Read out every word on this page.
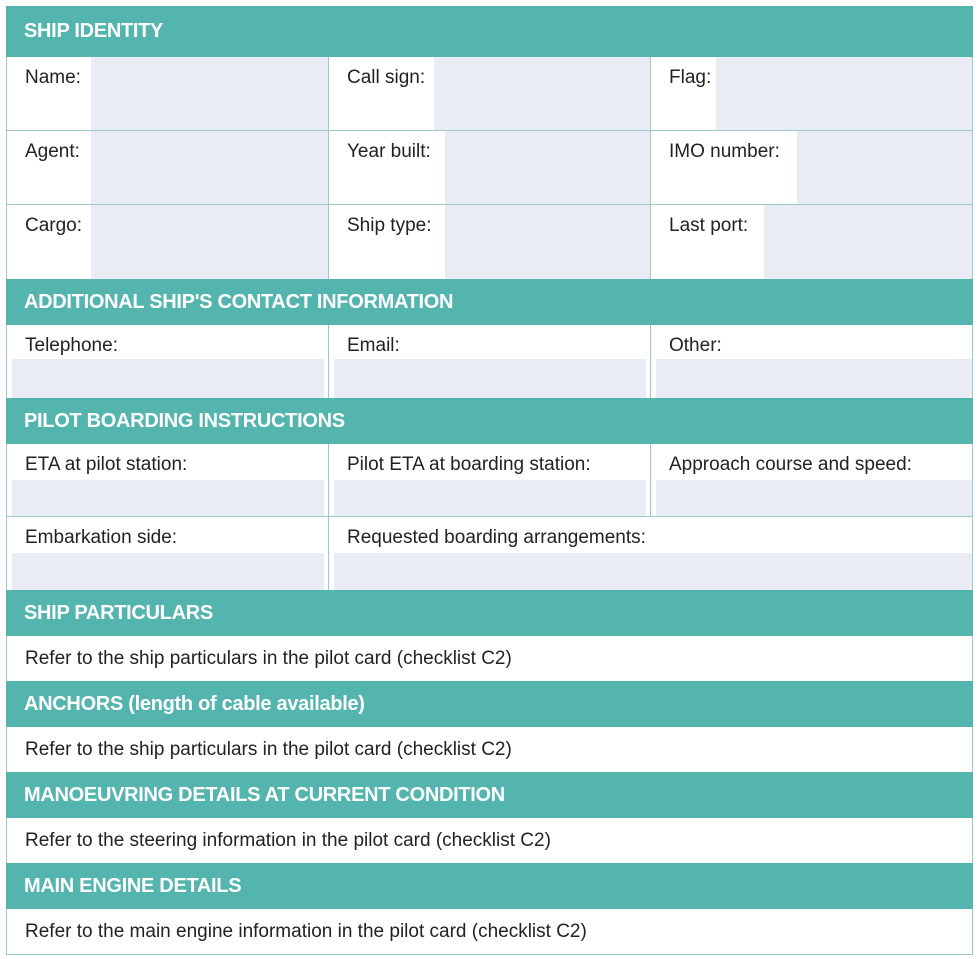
SHIP IDENTITY
Name:	Call sign:	Flag:
Agent:	Year built:	IMO number:
Cargo:	Ship type:	Last port:
ADDITIONAL SHIP'S CONTACT INFORMATION
Telephone:	Email:	Other:
PILOT BOARDING INSTRUCTIONS
ETA at pilot station:	Pilot ETA at boarding station:	Approach course and speed:
Embarkation side:	Requested boarding arrangements:
SHIP PARTICULARS
Refer to the ship particulars in the pilot card (checklist C2)
ANCHORS (length of cable available)
Refer to the ship particulars in the pilot card (checklist C2)
MANOEUVRING DETAILS AT CURRENT CONDITION
Refer to the steering information in the pilot card (checklist C2)
MAIN ENGINE DETAILS
Refer to the main engine information in the pilot card (checklist C2)
